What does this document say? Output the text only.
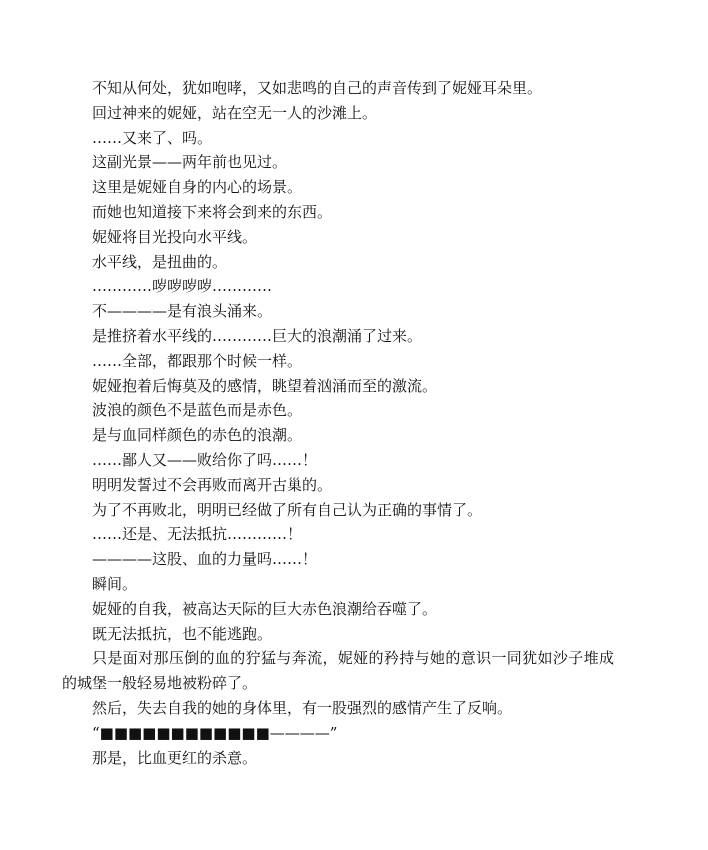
不知从何处，犹如咆哮，又如悲鸣的自己的声音传到了妮娅耳朵里。

回过神来的妮娅，站在空无一人的沙滩上。

……又来了、吗。

这副光景——两年前也见过。

这里是妮娅自身的内心的场景。

而她也知道接下来将会到来的东西。

妮娅将目光投向水平线。

水平线，是扭曲的。

…………哕哕哕哕…………

不————是有浪头涌来。

是推挤着水平线的…………巨大的浪潮涌了过来。

……全部，都跟那个时候一样。

妮娅抱着后悔莫及的感情，眺望着汹涌而至的激流。

波浪的颜色不是蓝色而是赤色。

是与血同样颜色的赤色的浪潮。

……鄙人又——败给你了吗……！

明明发誓过不会再败而离开古巢的。

为了不再败北，明明已经做了所有自己认为正确的事情了。

……还是、无法抵抗…………！

————这股、血的力量吗……！

瞬间。

妮娅的自我，被高达天际的巨大赤色浪潮给吞噬了。

既无法抵抗，也不能逃跑。

只是面对那压倒的血的狞猛与奔流，妮娅的矜持与她的意识一同犹如沙子堆成的城堡一般轻易地被粉碎了。

然后，失去自我的她的身体里，有一股强烈的感情产生了反响。

“■■■■■■■■■■■■————”

那是，比血更红的杀意。
